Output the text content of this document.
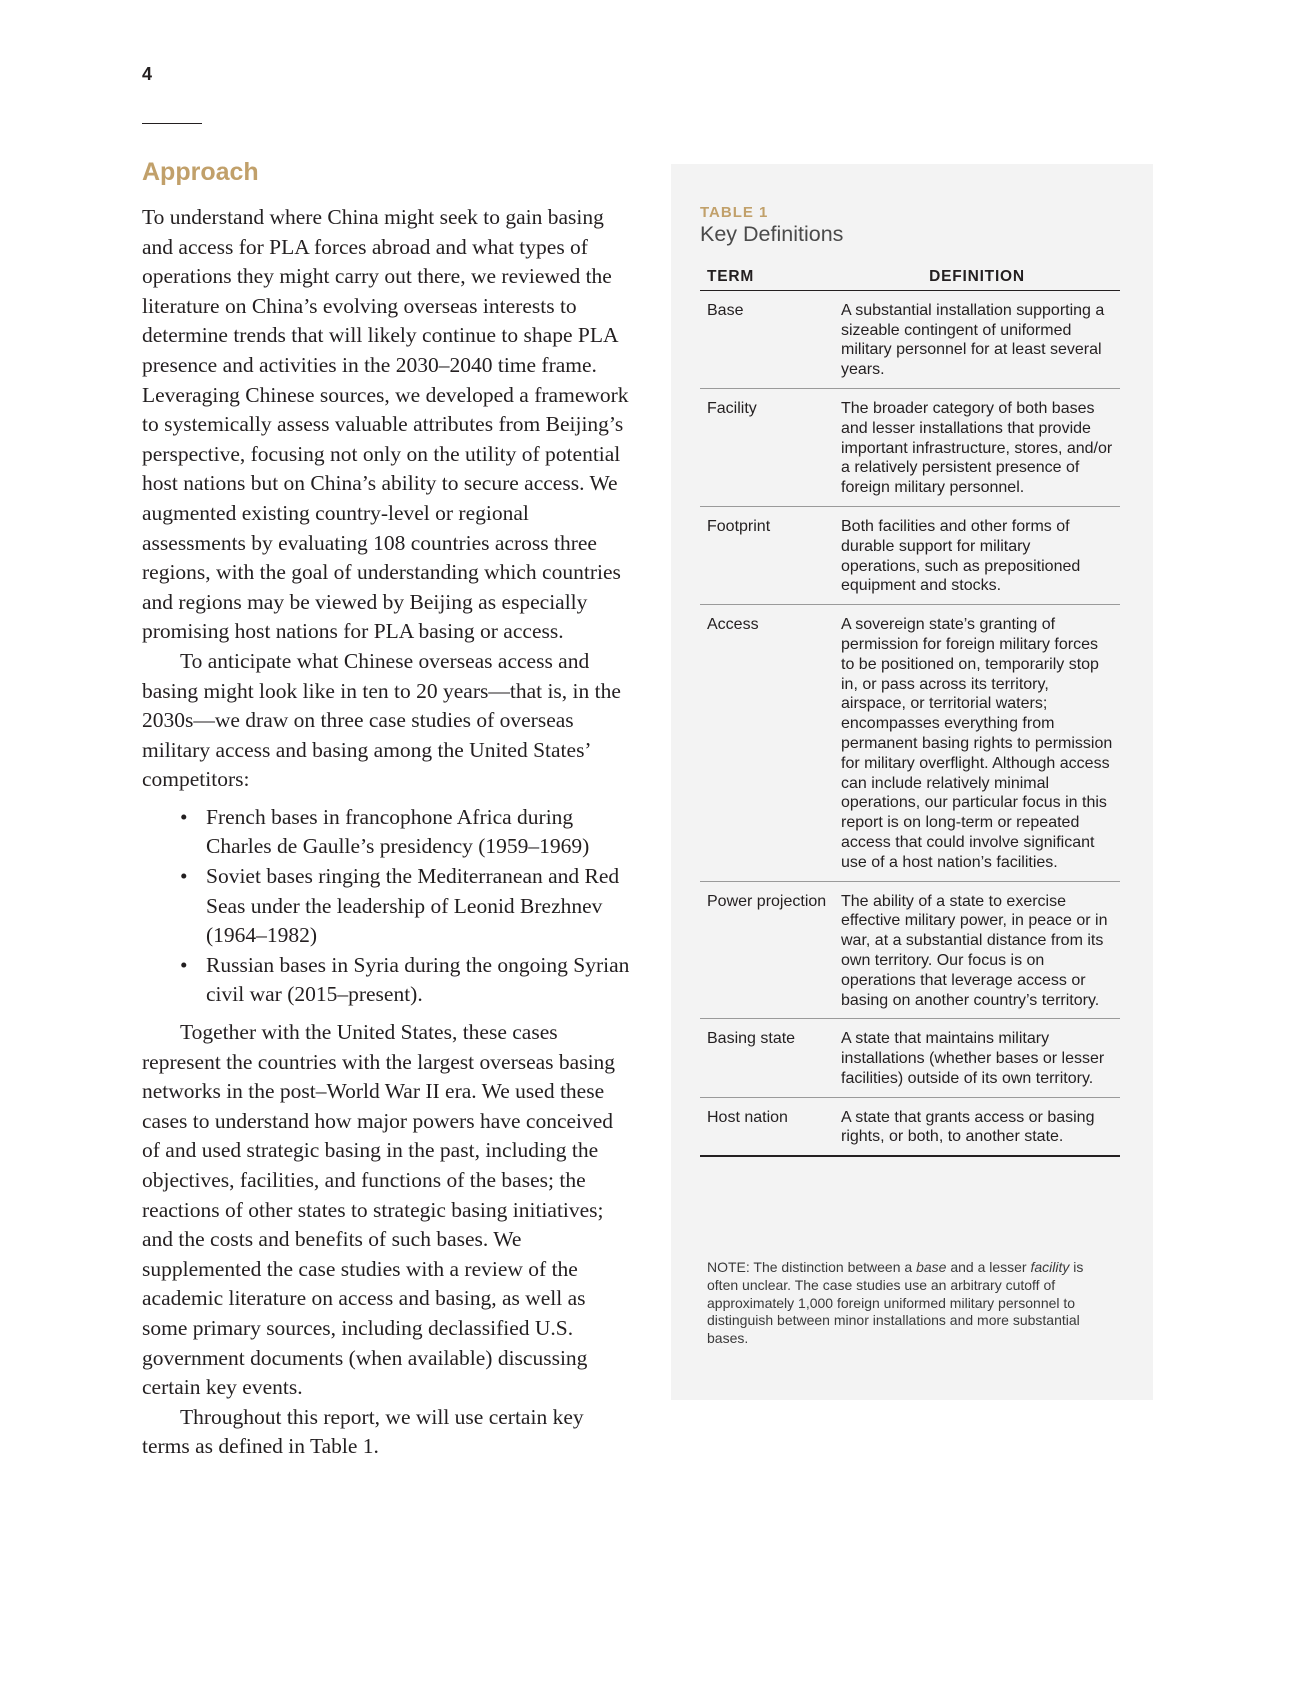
4
Approach

To understand where China might seek to gain basing and access for PLA forces abroad and what types of operations they might carry out there, we reviewed the literature on China’s evolving overseas interests to determine trends that will likely continue to shape PLA presence and activities in the 2030–2040 time frame. Leveraging Chinese sources, we developed a framework to systemically assess valuable attributes from Beijing’s perspective, focusing not only on the utility of potential host nations but on China’s ability to secure access. We augmented existing country-level or regional assessments by evaluating 108 countries across three regions, with the goal of understanding which countries and regions may be viewed by Beijing as especially promising host nations for PLA basing or access.

To anticipate what Chinese overseas access and basing might look like in ten to 20 years—that is, in the 2030s—we draw on three case studies of overseas military access and basing among the United States’ competitors:

• French bases in francophone Africa during Charles de Gaulle’s presidency (1959–1969)
• Soviet bases ringing the Mediterranean and Red Seas under the leadership of Leonid Brezhnev (1964–1982)
• Russian bases in Syria during the ongoing Syrian civil war (2015–present).

Together with the United States, these cases represent the countries with the largest overseas basing networks in the post–World War II era. We used these cases to understand how major powers have conceived of and used strategic basing in the past, including the objectives, facilities, and functions of the bases; the reactions of other states to strategic basing initiatives; and the costs and benefits of such bases. We supplemented the case studies with a review of the academic literature on access and basing, as well as some primary sources, including declassified U.S. government documents (when available) discussing certain key events.

Throughout this report, we will use certain key terms as defined in Table 1.

TABLE 1
Key Definitions
TERM	DEFINITION
Base	A substantial installation supporting a sizeable contingent of uniformed military personnel for at least several years.
Facility	The broader category of both bases and lesser installations that provide important infrastructure, stores, and/or a relatively persistent presence of foreign military personnel.
Footprint	Both facilities and other forms of durable support for military operations, such as prepositioned equipment and stocks.
Access	A sovereign state’s granting of permission for foreign military forces to be positioned on, temporarily stop in, or pass across its territory, airspace, or territorial waters; encompasses everything from permanent basing rights to permission for military overflight. Although access can include relatively minimal operations, our particular focus in this report is on long-term or repeated access that could involve significant use of a host nation’s facilities.
Power projection	The ability of a state to exercise effective military power, in peace or in war, at a substantial distance from its own territory. Our focus is on operations that leverage access or basing on another country’s territory.
Basing state	A state that maintains military installations (whether bases or lesser facilities) outside of its own territory.
Host nation	A state that grants access or basing rights, or both, to another state.
NOTE: The distinction between a base and a lesser facility is often unclear. The case studies use an arbitrary cutoff of approximately 1,000 foreign uniformed military personnel to distinguish between minor installations and more substantial bases.
